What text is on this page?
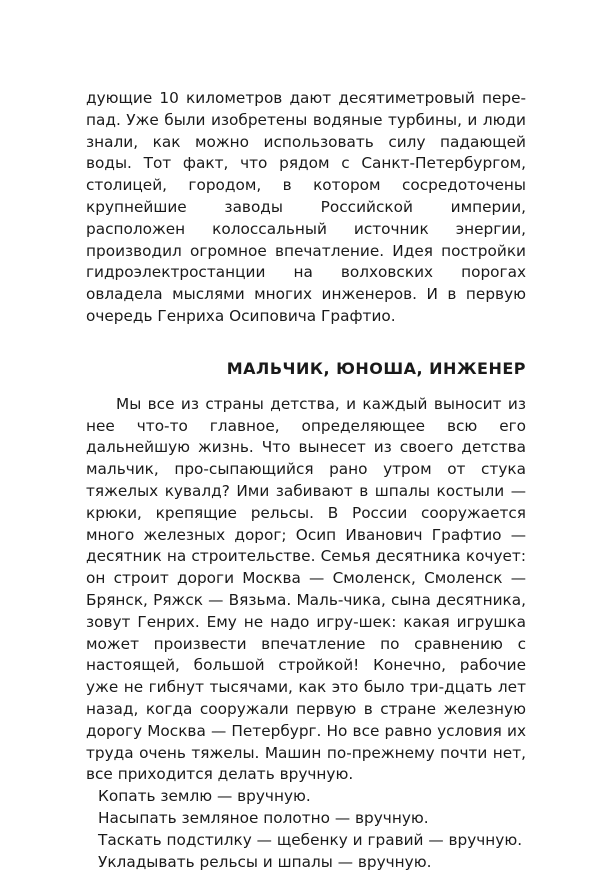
дующие 10 километров дают десятиметровый пере-пад. Уже были изобретены водяные турбины, и люди знали, как можно использовать силу падающей воды. Тот факт, что рядом с Санкт-Петербургом, столицей, городом, в котором сосредоточены крупнейшие заводы Российской империи, расположен колоссальный источник энергии, производил огромное впечатление. Идея постройки гидроэлектростанции на волховских порогах овладела мыслями многих инженеров. И в первую очередь Генриха Осиповича Графтио.

МАЛЬЧИК, ЮНОША, ИНЖЕНЕР

Мы все из страны детства, и каждый выносит из нее что-то главное, определяющее всю его дальнейшую жизнь. Что вынесет из своего детства мальчик, про-сыпающийся рано утром от стука тяжелых кувалд? Ими забивают в шпалы костыли — крюки, крепящие рельсы. В России сооружается много железных дорог; Осип Иванович Графтио — десятник на строительстве. Семья десятника кочует: он строит дороги Москва — Смоленск, Смоленск — Брянск, Ряжск — Вязьма. Маль-чика, сына десятника, зовут Генрих. Ему не надо игру-шек: какая игрушка может произвести впечатление по сравнению с настоящей, большой стройкой! Конечно, рабочие уже не гибнут тысячами, как это было три-дцать лет назад, когда сооружали первую в стране железную дорогу Москва — Петербург. Но все равно условия их труда очень тяжелы. Машин по-прежнему почти нет, все приходится делать вручную.

Копать землю — вручную.

Насыпать земляное полотно — вручную.

Таскать подстилку — щебенку и гравий — вручную.

Укладывать рельсы и шпалы — вручную.
